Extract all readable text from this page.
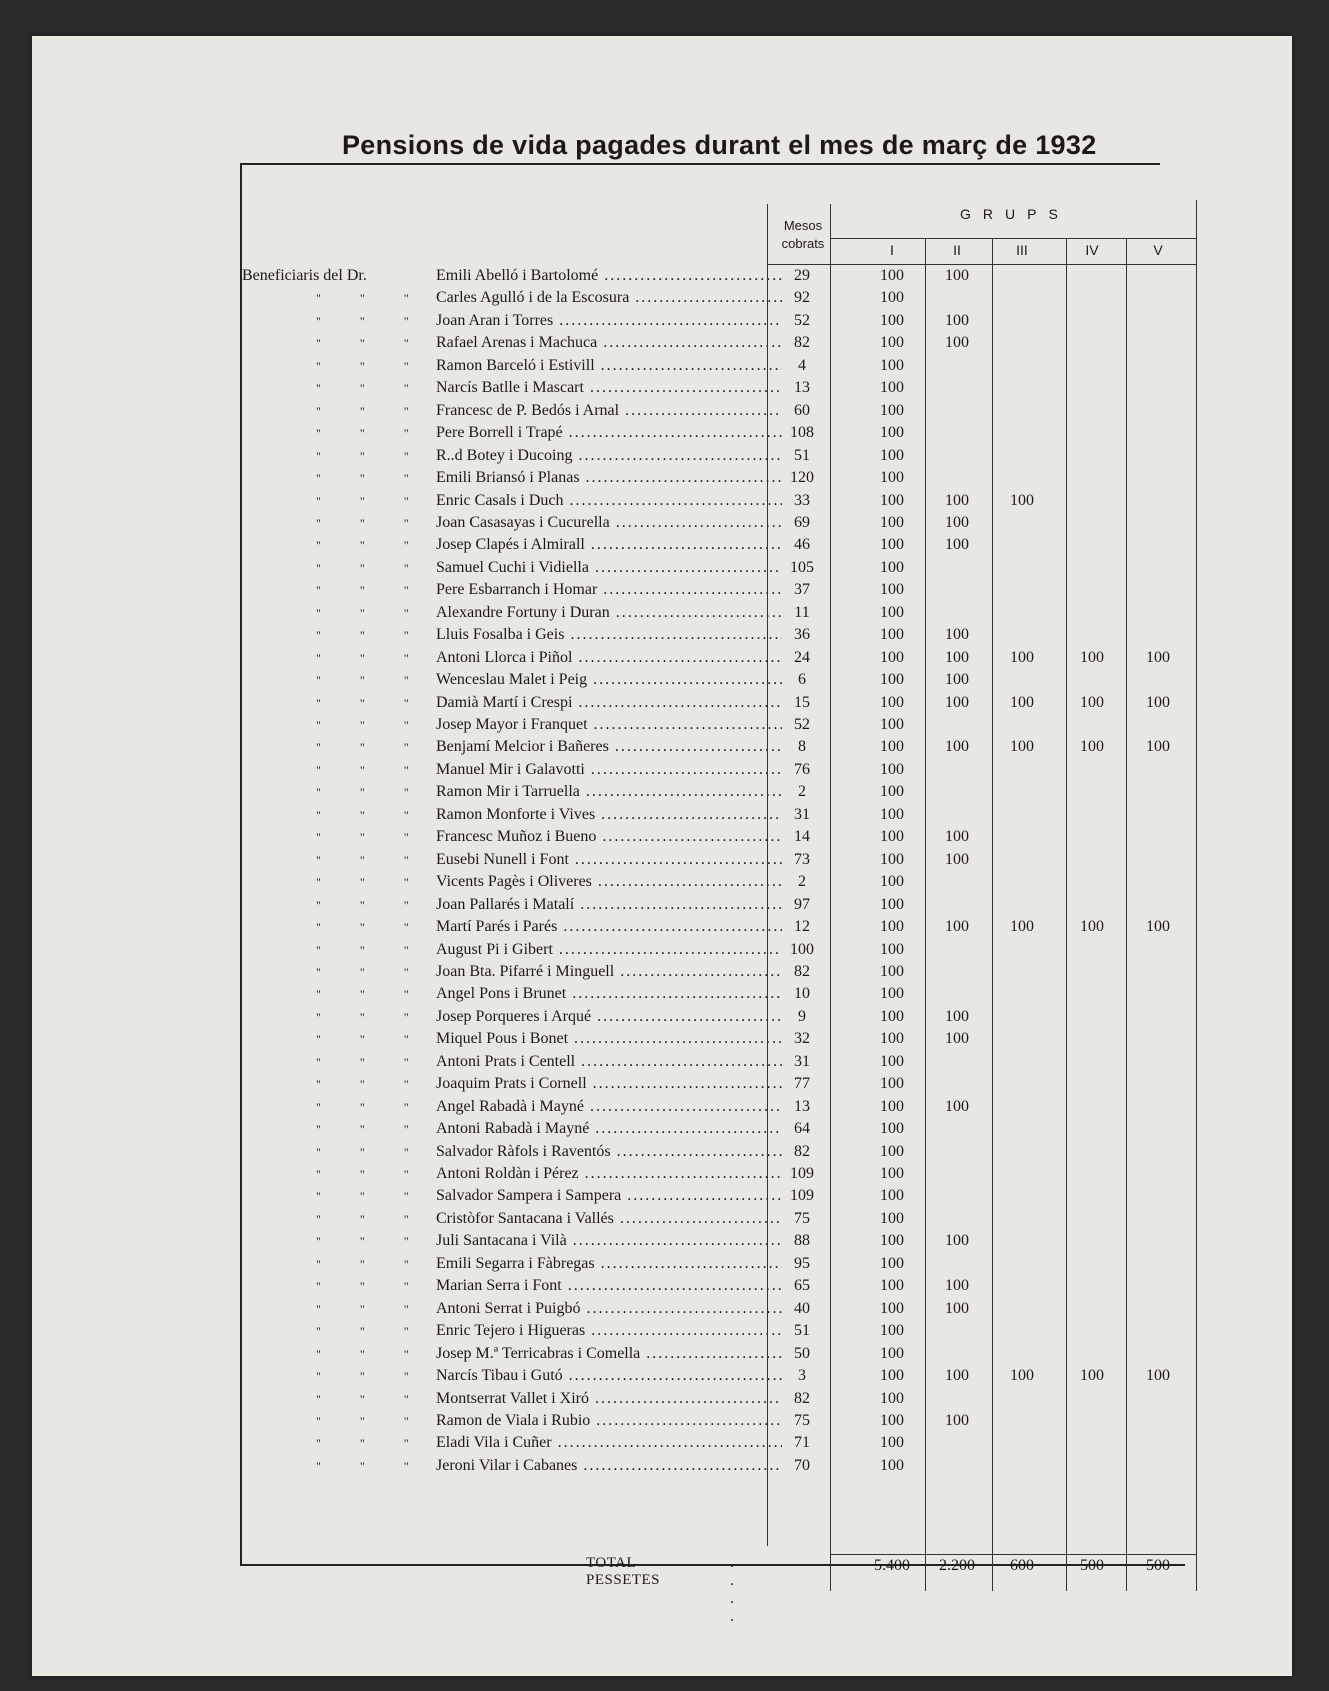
Pensions de vida pagades durant el mes de març de 1932
Mesos
cobrats
GRUPS
I	II	III	IV	V
Beneficiaris del Dr.	Emili Abelló i Bartolomé .....	29	100	100
" " " Carles Agulló i de la Escosura .....	92	100
" " " Joan Aran i Torres .....	52	100	100
" " " Rafael Arenas i Machuca .....	82	100	100
" " " Ramon Barceló i Estivill .....	4	100
" " " Narcís Batlle i Mascart .....	13	100
" " " Francesc de P. Bedós i Arnal .....	60	100
" " " Pere Borrell i Trapé .....	108	100
" " " R..d Botey i Ducoing .....	51	100
" " " Emili Briansó i Planas .....	120	100
" " " Enric Casals i Duch .....	33	100	100	100
" " " Joan Casasayas i Cucurella .....	69	100	100
" " " Josep Clapés i Almirall .....	46	100	100
" " " Samuel Cuchi i Vidiella .....	105	100
" " " Pere Esbarranch i Homar .....	37	100
" " " Alexandre Fortuny i Duran .....	11	100
" " " Lluis Fosalba i Geis .....	36	100	100
" " " Antoni Llorca i Piñol .....	24	100	100	100	100	100
" " " Wenceslau Malet i Peig .....	6	100	100
" " " Damià Martí i Crespi .....	15	100	100	100	100	100
" " " Josep Mayor i Franquet .....	52	100
" " " Benjamí Melcior i Bañeres .....	8	100	100	100	100	100
" " " Manuel Mir i Galavotti .....	76	100
" " " Ramon Mir i Tarruella .....	2	100
" " " Ramon Monforte i Vives .....	31	100
" " " Francesc Muñoz i Bueno .....	14	100	100
" " " Eusebi Nunell i Font .....	73	100	100
" " " Vicents Pagès i Oliveres .....	2	100
" " " Joan Pallarés i Matalí .....	97	100
" " " Martí Parés i Parés .....	12	100	100	100	100	100
" " " August Pi i Gibert .....	100	100
" " " Joan Bta. Pifarré i Minguell .....	82	100
" " " Angel Pons i Brunet .....	10	100
" " " Josep Porqueres i Arqué .....	9	100	100
" " " Miquel Pous i Bonet .....	32	100	100
" " " Antoni Prats i Centell .....	31	100
" " " Joaquim Prats i Cornell .....	77	100
" " " Angel Rabadà i Mayné .....	13	100	100
" " " Antoni Rabadà i Mayné .....	64	100
" " " Salvador Ràfols i Raventós .....	82	100
" " " Antoni Roldàn i Pérez .....	109	100
" " " Salvador Sampera i Sampera .....	109	100
" " " Cristòfor Santacana i Vallés .....	75	100
" " " Juli Santacana i Vilà .....	88	100	100
" " " Emili Segarra i Fàbregas .....	95	100
" " " Marian Serra i Font .....	65	100	100
" " " Antoni Serrat i Puigbó .....	40	100	100
" " " Enric Tejero i Higueras .....	51	100
" " " Josep M.ª Terricabras i Comella .....	50	100
" " " Narcís Tibau i Gutó .....	3	100	100	100	100	100
" " " Montserrat Vallet i Xiró .....	82	100
" " " Ramon de Viala i Rubio .....	75	100	100
" " " Eladi Vila i Cuñer .....	71	100
" " " Jeroni Vilar i Cabanes .....	70	100
TOTAL PESSETES
. . . .
5.400	2.200	600	500	500
